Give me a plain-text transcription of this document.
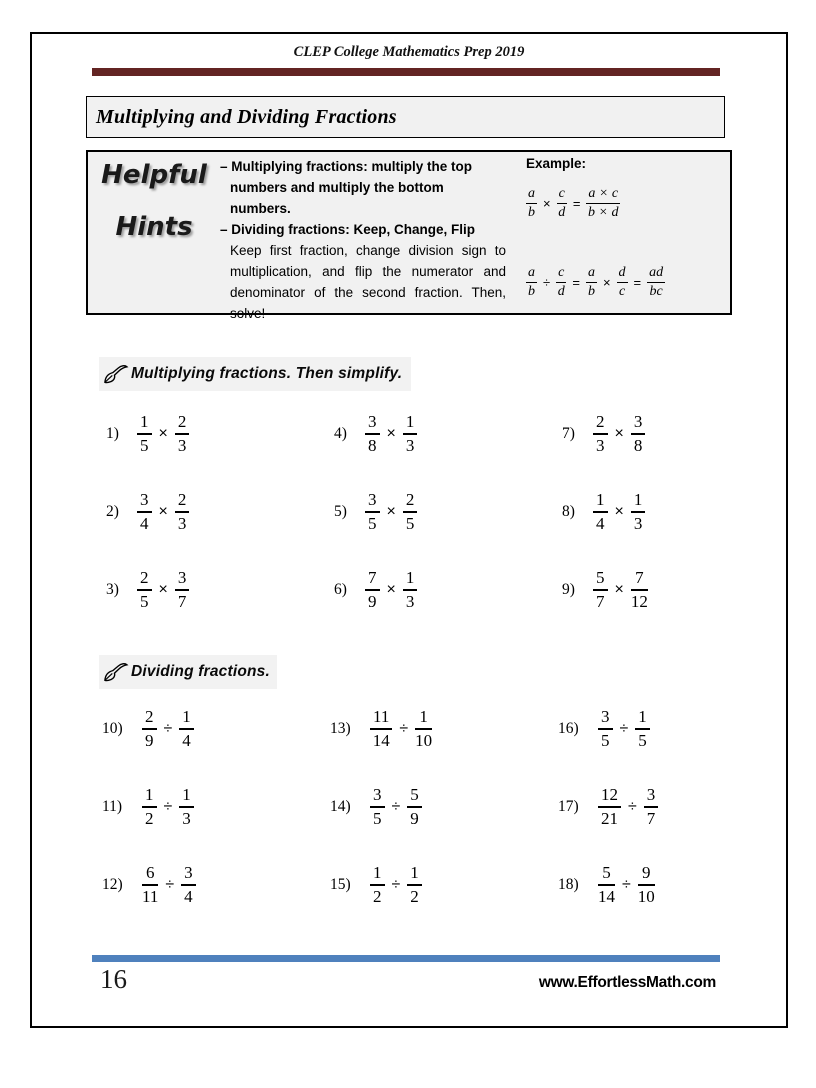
CLEP College Mathematics Prep 2019
Multiplying and Dividing Fractions
Helpful
Hints

– Multiplying fractions: multiply the top numbers and multiply the bottom numbers.

– Dividing fractions: Keep, Change, Flip

Keep first fraction, change division sign to multiplication, and flip the numerator and denominator of the second fraction. Then, solve!

Example:
$\frac{a}{b} \times \frac{c}{d} = \frac{a \times c}{b \times d}$
$\frac{a}{b} \div \frac{c}{d} = \frac{a}{b} \times \frac{d}{c} = \frac{ad}{bc}$
Multiplying fractions. Then simplify.
1)	$\frac{1}{5} \times \frac{2}{3}$
2)	$\frac{3}{4} \times \frac{2}{3}$
3)	$\frac{2}{5} \times \frac{3}{7}$
4)	$\frac{3}{8} \times \frac{1}{3}$
5)	$\frac{3}{5} \times \frac{2}{5}$
6)	$\frac{7}{9} \times \frac{1}{3}$
7)	$\frac{2}{3} \times \frac{3}{8}$
8)	$\frac{1}{4} \times \frac{1}{3}$
9)	$\frac{5}{7} \times \frac{7}{12}$
Dividing fractions.
10)	$\frac{2}{9} \div \frac{1}{4}$
11)	$\frac{1}{2} \div \frac{1}{3}$
12)	$\frac{6}{11} \div \frac{3}{4}$
13)	$\frac{11}{14} \div \frac{1}{10}$
14)	$\frac{3}{5} \div \frac{5}{9}$
15)	$\frac{1}{2} \div \frac{1}{2}$
16)	$\frac{3}{5} \div \frac{1}{5}$
17)	$\frac{12}{21} \div \frac{3}{7}$
18)	$\frac{5}{14} \div \frac{9}{10}$
16	www.EffortlessMath.com
